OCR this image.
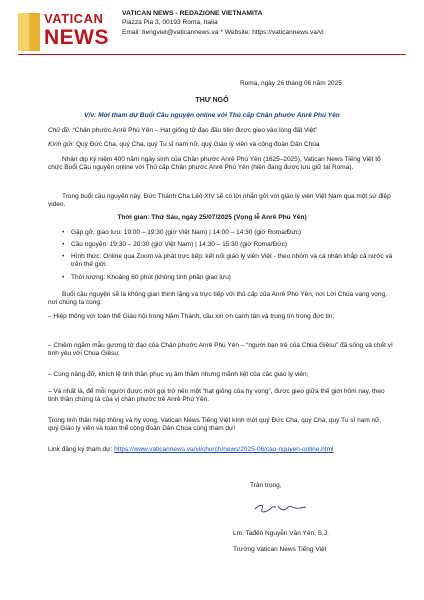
VATICAN
NEWS
VATICAN NEWS - REDAZIONE VIETNAMITA
Piazza Pia 3, 00193 Roma, Italia
Email: tiengviet@vaticannews.va * Website: https://vaticannews.va/vi
Roma, ngày 26 tháng 06 năm 2025
THƯ NGỎ
V/v: Mời tham dự Buổi Cầu nguyện online với Thủ cấp Chân phước Anrê Phú Yên
Chủ đề: “Chân phước Anrê Phú Yên – Hạt giống tử đạo đầu tiên được gieo vào lòng đất Việt”
Kính gửi: Quý Đức Cha, quý Cha, quý Tu sĩ nam nữ, quý Giáo lý viên và cộng đoàn Dân Chúa
Nhân dịp kỷ niệm 400 năm ngày sinh của Chân phước Anrê Phú Yên (1625–2025), Vatican News Tiếng Việt tổ chức Buổi Cầu nguyện online với Thủ cấp Chân phước Anrê Phú Yên (hiện đang được lưu giữ tại Roma).
Trong buổi cầu nguyện này, Đức Thánh Cha Lêô XIV sẽ có lời nhắn gởi với giáo lý viên Việt Nam qua một sứ điệp video.
Thời gian: Thứ Sáu, ngày 25/07/2025 (Vọng lễ Anrê Phú Yên)
• Gặp gỡ, giao lưu: 19:00 – 19:30 (giờ Việt Nam) | 14:00 – 14:30 (giờ Roma/Đức)
• Cầu nguyện: 19:30 – 20:30 (giờ Việt Nam) | 14:30 – 15:30 (giờ Roma/Đức)
• Hình thức: Online qua Zoom và phát trực tiếp: kết nối giáo lý viên Việt - theo nhóm và cá nhân khắp cả nước và trên thế giới.
• Thời lượng: Khoảng 60 phút (không tính phần giao lưu)
Buổi cầu nguyện sẽ là không gian thinh lặng và trực tiếp với thủ cấp của Anrê Phú Yên, nơi Lời Chúa vang vọng, nơi chúng ta cùng:
– Hiệp thông với toàn thể Giáo hội trong Năm Thánh, cầu xin ơn canh tân và trung tín trong đức tin;
– Chiêm ngắm mẫu gương tử đạo của Chân phước Anrê Phú Yên – “người bạn trẻ của Chúa Giêsu” đã sống và chết vì tình yêu với Chúa Giêsu;
– Cùng nâng đỡ, khích lệ tinh thần phục vụ âm thầm nhưng mãnh liệt của các giáo lý viên;
– Và nhất là, để mỗi người được mời gọi trở nên một “hạt giống của hy vọng”, được gieo giữa thế giới hôm nay, theo tinh thần chứng tá của vị chân phước trẻ Anrê Phú Yên.
Trong tinh thần hiệp thông và hy vọng, Vatican News Tiếng Việt kính mời quý Đức Cha, quý Cha, quý Tu sĩ nam nữ, quý Giáo lý viên và toàn thể cộng đoàn Dân Chúa cùng tham dự!
Link đăng ký tham dự: https://www.vaticannews.va/vi/church/news/2025-06/cau-nguyen-online.html
Trân trọng,
Lm. Tađêô Nguyễn Văn Yên, S.J.
Trưởng Vatican News Tiếng Việt
